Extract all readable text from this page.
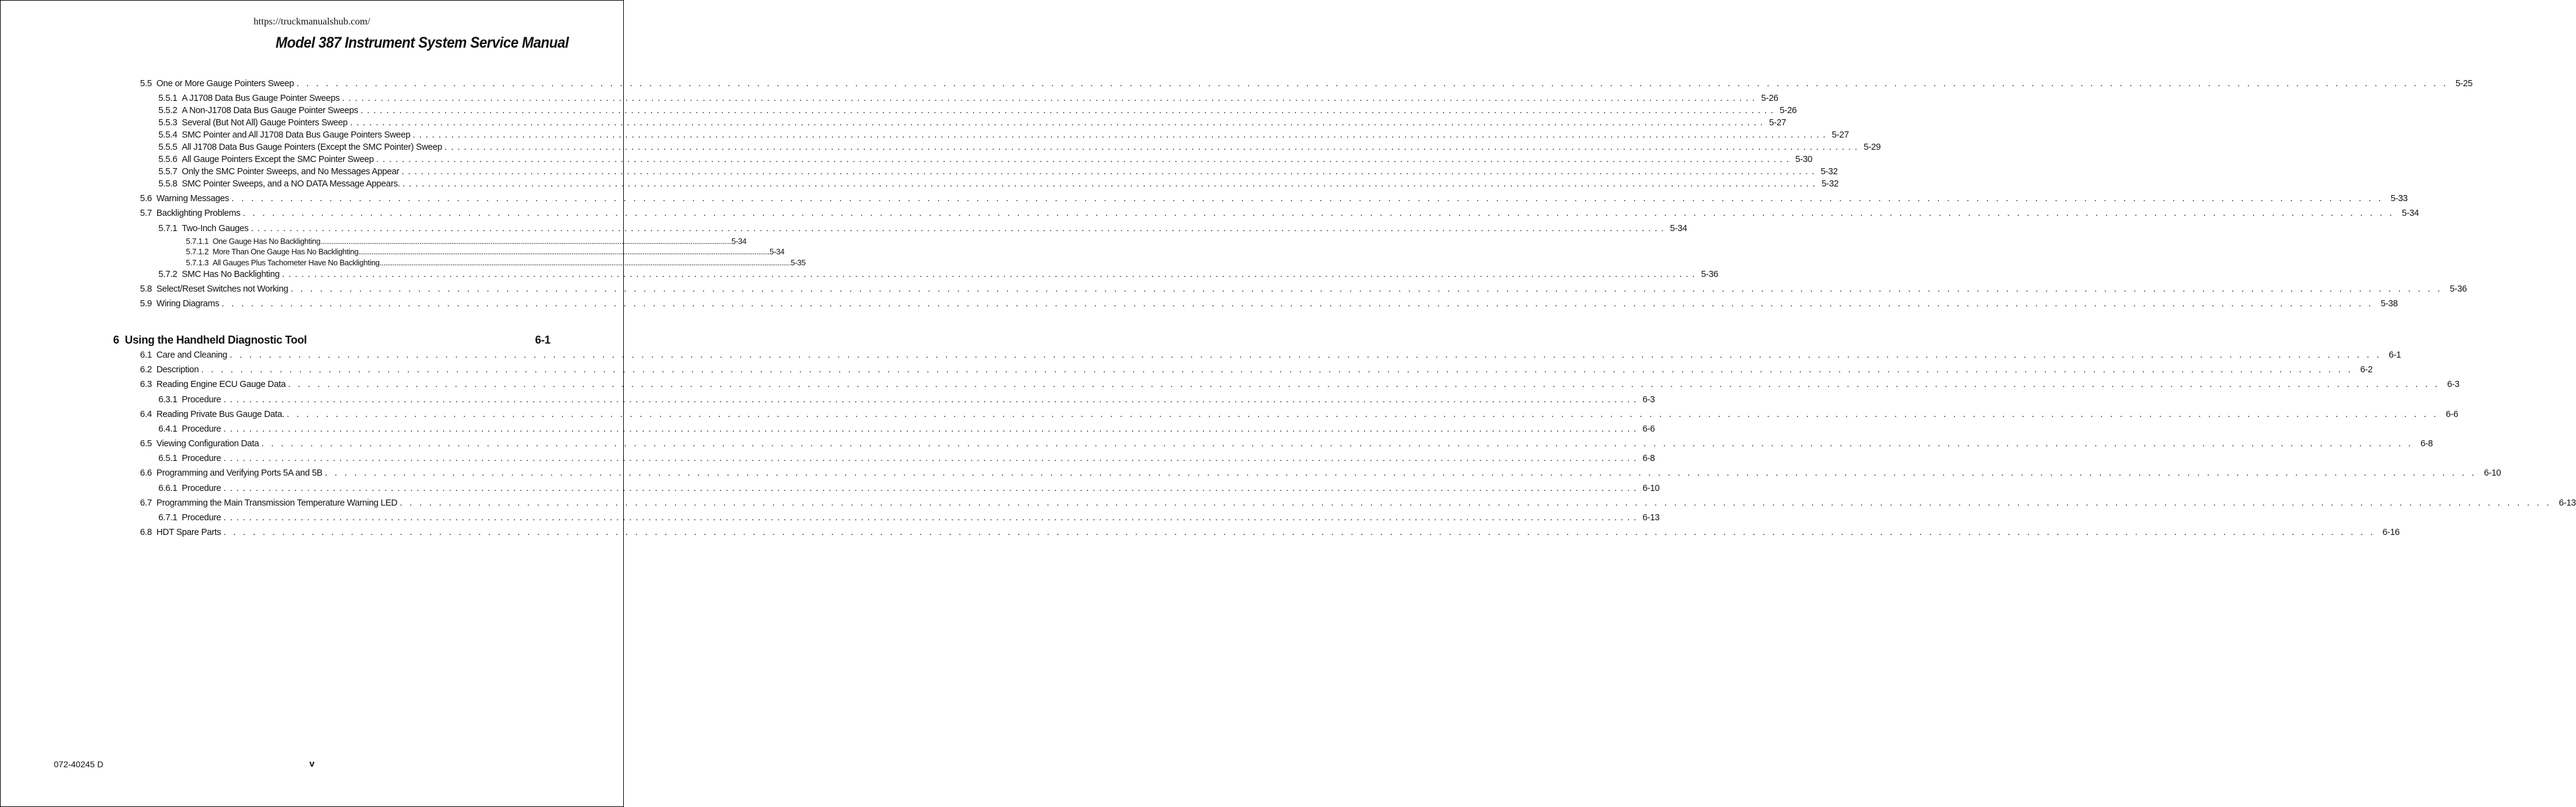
https://truckmanualshub.com/
Model 387 Instrument System Service Manual
5.5
One or More Gauge Pointers Sweep ............................................................................................................................................................................................................................ 5-25
5.5.1
A J1708 Data Bus Gauge Pointer Sweeps ............................................................................................................................................................................................................................ 5-26
5.5.2
A Non-J1708 Data Bus Gauge Pointer Sweeps ............................................................................................................................................................................................................................ 5-26
5.5.3
Several (But Not All) Gauge Pointers Sweep ............................................................................................................................................................................................................................ 5-27
5.5.4
SMC Pointer and All J1708 Data Bus Gauge Pointers Sweep ............................................................................................................................................................................................................................ 5-27
5.5.5
All J1708 Data Bus Gauge Pointers (Except the SMC Pointer) Sweep ............................................................................................................................................................................................................................ 5-29
5.5.6
All Gauge Pointers Except the SMC Pointer Sweep ............................................................................................................................................................................................................................ 5-30
5.5.7
Only the SMC Pointer Sweeps, and No Messages Appear ............................................................................................................................................................................................................................ 5-32
5.5.8
SMC Pointer Sweeps, and a NO DATA Message Appears. ............................................................................................................................................................................................................................ 5-32
5.6
Warning Messages ............................................................................................................................................................................................................................ 5-33
5.7
Backlighting Problems ............................................................................................................................................................................................................................ 5-34
5.7.1
Two-Inch Gauges ............................................................................................................................................................................................................................ 5-34
5.7.1.1
One Gauge Has No Backlighting ............................................................................................................................................................................................................................ 5-34
5.7.1.2
More Than One Gauge Has No Backlighting ............................................................................................................................................................................................................................ 5-34
5.7.1.3
All Gauges Plus Tachometer Have No Backlighting ............................................................................................................................................................................................................................ 5-35
5.7.2
SMC Has No Backlighting ............................................................................................................................................................................................................................ 5-36
5.8
Select/Reset Switches not Working ............................................................................................................................................................................................................................ 5-36
5.9
Wiring Diagrams ............................................................................................................................................................................................................................ 5-38
6
Using the Handheld Diagnostic Tool	6-1
6.1
Care and Cleaning ............................................................................................................................................................................................................................ 6-1
6.2
Description ............................................................................................................................................................................................................................ 6-2
6.3
Reading Engine ECU Gauge Data ............................................................................................................................................................................................................................ 6-3
6.3.1
Procedure ............................................................................................................................................................................................................................ 6-3
6.4
Reading Private Bus Gauge Data. ............................................................................................................................................................................................................................ 6-6
6.4.1
Procedure ............................................................................................................................................................................................................................ 6-6
6.5
Viewing Configuration Data ............................................................................................................................................................................................................................ 6-8
6.5.1
Procedure ............................................................................................................................................................................................................................ 6-8
6.6
Programming and Verifying Ports 5A and 5B ............................................................................................................................................................................................................................ 6-10
6.6.1
Procedure ............................................................................................................................................................................................................................ 6-10
6.7
Programming the Main Transmission Temperature Warning LED ............................................................................................................................................................................................................................ 6-13
6.7.1
Procedure ............................................................................................................................................................................................................................ 6-13
6.8
HDT Spare Parts ............................................................................................................................................................................................................................ 6-16
072-40245 D	v
